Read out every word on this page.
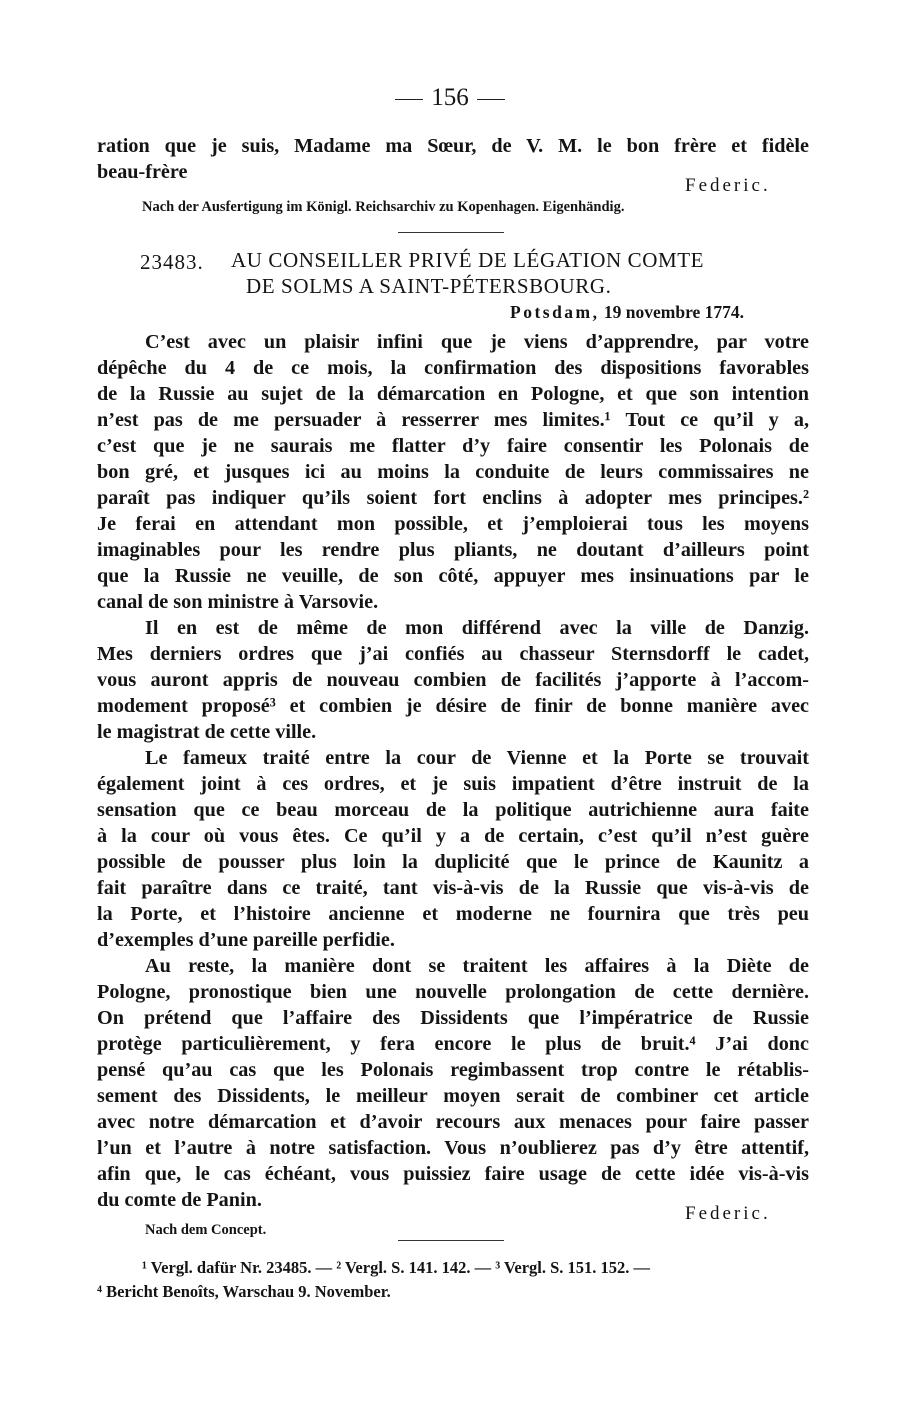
156
ration que je suis, Madame ma Sœur, de V. M. le bon frère et fidèle
beau-frère
Federic.
Nach der Ausfertigung im Königl. Reichsarchiv zu Kopenhagen. Eigenhändig.
23483. AU CONSEILLER PRIVÉ DE LÉGATION COMTE
DE SOLMS A SAINT-PÉTERSBOURG.
Potsdam, 19 novembre 1774.
C’est avec un plaisir infini que je viens d’apprendre, par votre
dépêche du 4 de ce mois, la confirmation des dispositions favorables
de la Russie au sujet de la démarcation en Pologne, et que son intention
n’est pas de me persuader à resserrer mes limites.¹ Tout ce qu’il y a,
c’est que je ne saurais me flatter d’y faire consentir les Polonais de
bon gré, et jusques ici au moins la conduite de leurs commissaires ne
paraît pas indiquer qu’ils soient fort enclins à adopter mes principes.²
Je ferai en attendant mon possible, et j’emploierai tous les moyens
imaginables pour les rendre plus pliants, ne doutant d’ailleurs point
que la Russie ne veuille, de son côté, appuyer mes insinuations par le
canal de son ministre à Varsovie.
Il en est de même de mon différend avec la ville de Danzig.
Mes derniers ordres que j’ai confiés au chasseur Sternsdorff le cadet,
vous auront appris de nouveau combien de facilités j’apporte à l’accom-
modement proposé³ et combien je désire de finir de bonne manière avec
le magistrat de cette ville.
Le fameux traité entre la cour de Vienne et la Porte se trouvait
également joint à ces ordres, et je suis impatient d’être instruit de la
sensation que ce beau morceau de la politique autrichienne aura faite
à la cour où vous êtes. Ce qu’il y a de certain, c’est qu’il n’est guère
possible de pousser plus loin la duplicité que le prince de Kaunitz a
fait paraître dans ce traité, tant vis-à-vis de la Russie que vis-à-vis de
la Porte, et l’histoire ancienne et moderne ne fournira que très peu
d’exemples d’une pareille perfidie.
Au reste, la manière dont se traitent les affaires à la Diète de
Pologne, pronostique bien une nouvelle prolongation de cette dernière.
On prétend que l’affaire des Dissidents que l’impératrice de Russie
protège particulièrement, y fera encore le plus de bruit.⁴ J’ai donc
pensé qu’au cas que les Polonais regimbassent trop contre le rétablis-
sement des Dissidents, le meilleur moyen serait de combiner cet article
avec notre démarcation et d’avoir recours aux menaces pour faire passer
l’un et l’autre à notre satisfaction. Vous n’oublierez pas d’y être attentif,
afin que, le cas échéant, vous puissiez faire usage de cette idée vis-à-vis
du comte de Panin.
Federic.
Nach dem Concept.
¹ Vergl. dafür Nr. 23485. — ² Vergl. S. 141. 142. — ³ Vergl. S. 151. 152. —
⁴ Bericht Benoîts, Warschau 9. November.
